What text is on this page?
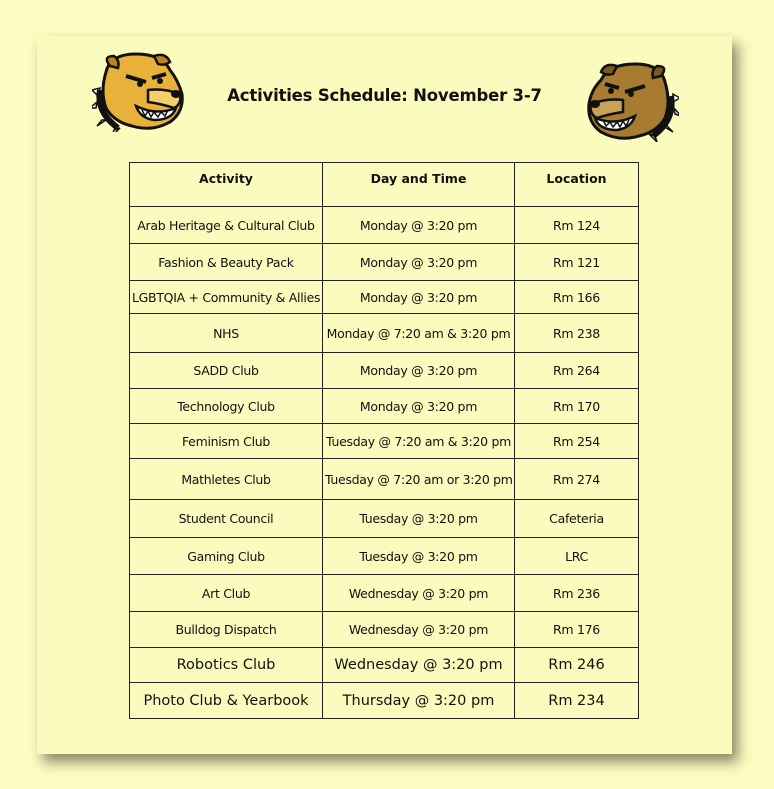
Activities Schedule: November 3-7
Activity	Day and Time	Location
Arab Heritage & Cultural Club	Monday @ 3:20 pm	Rm 124
Fashion & Beauty Pack	Monday @ 3:20 pm	Rm 121
LGBTQIA + Community & Allies	Monday @ 3:20 pm	Rm 166
NHS	Monday @ 7:20 am & 3:20 pm	Rm 238
SADD Club	Monday @ 3:20 pm	Rm 264
Technology Club	Monday @ 3:20 pm	Rm 170
Feminism Club	Tuesday @ 7:20 am & 3:20 pm	Rm 254
Mathletes Club	Tuesday @ 7:20 am or 3:20 pm	Rm 274
Student Council	Tuesday @ 3:20 pm	Cafeteria
Gaming Club	Tuesday @ 3:20 pm	LRC
Art Club	Wednesday @ 3:20 pm	Rm 236
Bulldog Dispatch	Wednesday @ 3:20 pm	Rm 176
Robotics Club	Wednesday @ 3:20 pm	Rm 246
Photo Club & Yearbook	Thursday @ 3:20 pm	Rm 234
